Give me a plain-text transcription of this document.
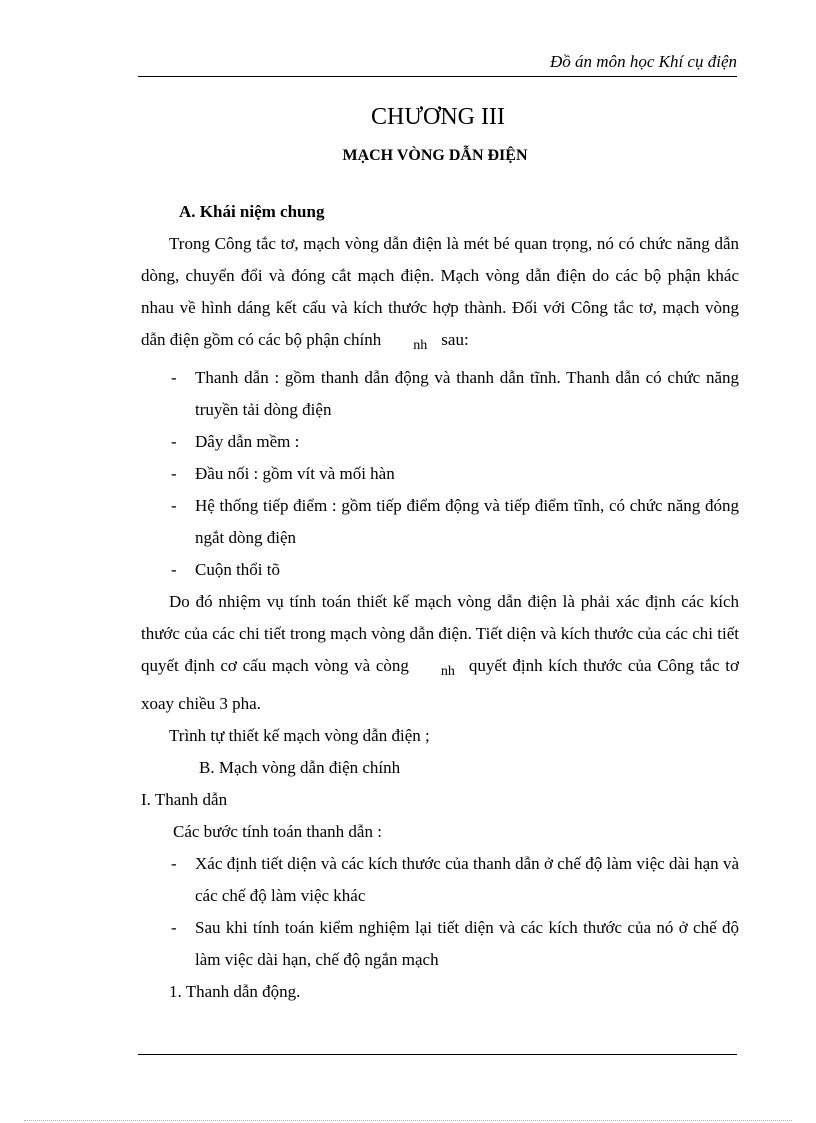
Đồ án môn học Khí cụ điện
CHƯƠNG III
MẠCH VÒNG DẪN ĐIỆN

A. Khái niệm chung

Trong Công tắc tơ, mạch vòng dẫn điện là mét bé quan trọng, nó có chức năng dẫn dòng, chuyển đổi và đóng cắt mạch điện. Mạch vòng dẫn điện do các bộ phận khác nhau về hình dáng kết cấu và kích thước hợp thành. Đối với Công tắc tơ, mạch vòng dẫn điện gồm có các bộ phận chính nh sau:

- Thanh dẫn : gồm thanh dẫn động và thanh dẫn tĩnh. Thanh dẫn có chức năng truyền tải dòng điện
- Dây dẫn mềm :
- Đầu nối : gồm vít và mối hàn
- Hệ thống tiếp điểm : gồm tiếp điểm động và tiếp điểm tĩnh, có chức năng đóng ngắt dòng điện
- Cuộn thổi tõ

Do đó nhiệm vụ tính toán thiết kế mạch vòng dẫn điện là phải xác định các kích thước của các chi tiết trong mạch vòng dẫn điện. Tiết diện và kích thước của các chi tiết quyết định cơ cấu mạch vòng và còng nh quyết định kích thước của Công tắc tơ xoay chiều 3 pha.

Trình tự thiết kế mạch vòng dẫn điện ;

B. Mạch vòng dẫn điện chính

I. Thanh dẫn

Các bước tính toán thanh dẫn :

- Xác định tiết diện và các kích thước của thanh dẫn ở chế độ làm việc dài hạn và các chế độ làm việc khác
- Sau khi tính toán kiểm nghiệm lại tiết diện và các kích thước của nó ở chế độ làm việc dài hạn, chế độ ngắn mạch

1. Thanh dẫn động.
